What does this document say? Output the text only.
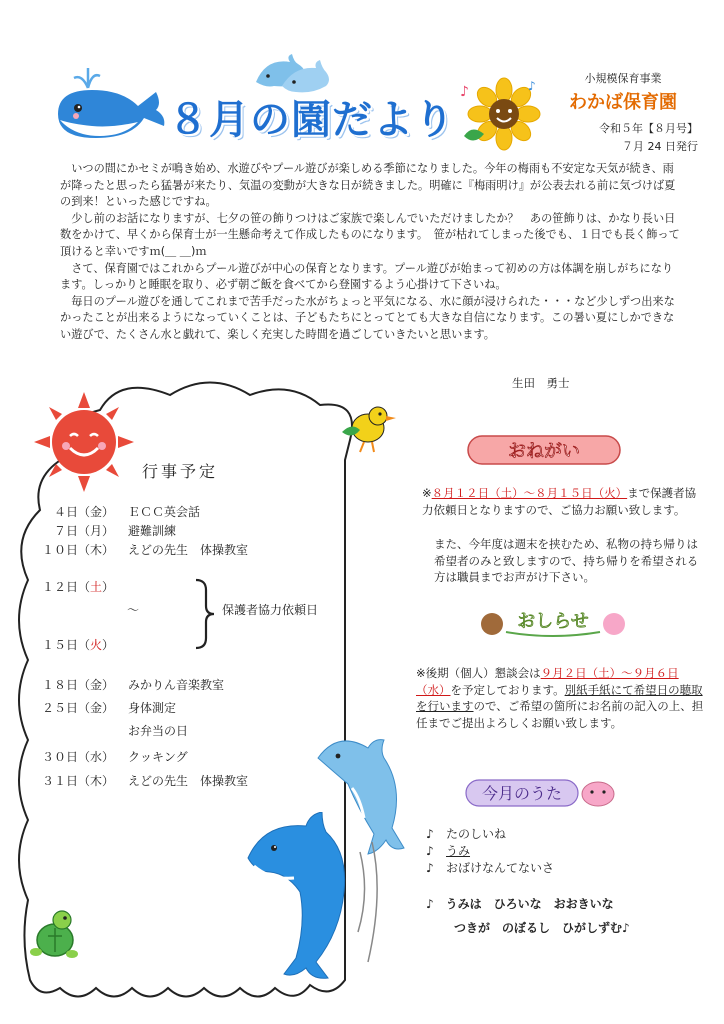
８月の園だより
♪	♪
小規模保育事業
わかば保育園
令和５年【８月号】
７月 24 日発行

　いつの間にかセミが鳴き始め、水遊びやプール遊びが楽しめる季節になりました。今年の梅雨も不安定な天気が続き、雨が降ったと思ったら猛暑が来たり、気温の変動が大きな日が続きました。明確に『梅雨明け』が公表去れる前に気づけば夏の到来！といった感じですね。

　少し前のお話になりますが、七夕の笹の飾りつけはご家族で楽しんでいただけましたか？　あの笹飾りは、かなり長い日数をかけて、早くから保育士が一生懸命考えて作成したものになります。　笹が枯れてしまった後でも、１日でも長く飾って頂けると幸いですｍ(＿ ＿)ｍ

　さて、保育園ではこれからプール遊びが中心の保育となります。プール遊びが始まって初めの方は体調を崩しがちになります。しっかりと睡眠を取り、必ず朝ご飯を食べてから登園するよう心掛けて下さいね。

　毎日のプール遊びを通してこれまで苦手だった水がちょっと平気になる、水に顔が浸けられた・・・など少しずつ出来なかったことが出来るようになっていくことは、子どもたちにとってとても大きな自信になります。この暑い夏にしかできない遊びで、たくさん水と戯れて、楽しく充実した時間を過ごしていきたいと思います。

生田　勇士
行事予定
４日（金） ＥＣＣ英会話
７日（月） 避難訓練
１０日（木） えどの先生　体操教室
１２日（土）
〜
１５日（火）
保護者協力依頼日
１８日（金） みかりん音楽教室
２５日（金） 身体測定
お弁当の日
３０日（水） クッキング
３１日（木） えどの先生　体操教室
おねがい
※８月１２日（土）～８月１５日（火）まで保護者協力依頼日となりますので、ご協力お願い致します。
また、今年度は週末を挟むため、私物の持ち帰りは希望者のみと致しますので、持ち帰りを希望される方は職員までお声がけ下さい。
おしらせ
※後期（個人）懇談会は９月２日（土）～９月６日（水）を予定しております。別紙手紙にて希望日の聴取を行いますので、ご希望の箇所にお名前の記入の上、担任までご提出よろしくお願い致します。
今月のうた
♪ たのしいね
♪ うみ
♪ おばけなんてないさ
♪　うみは　ひろいな　おおきいな
つきが　のぼるし　ひがしずむ♪
